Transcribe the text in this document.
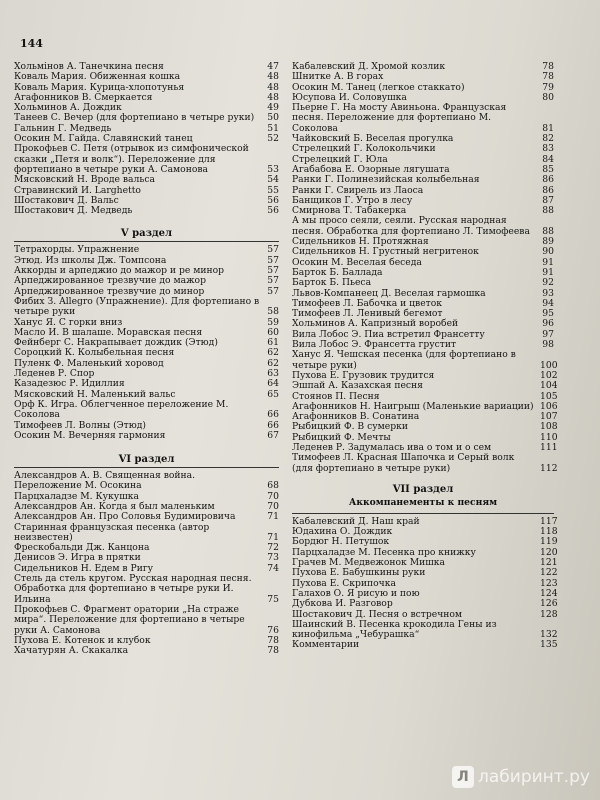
144
Хольмінов А. Танечкина песня	47
Коваль Мария. Обиженная кошка	48
Коваль Мария. Курица-хлопотунья	48
Агафонников В. Смеркается	48
Хольминов А. Дождик	49
Танеев С. Вечер (для фортепиано в четыре руки)	50
Гальнин Г. Медведь	51
Осокин М. Гайда. Славянский танец	52
Прокофьев С. Петя (отрывок из симфонической сказки „Петя и волк“). Переложение для фортепиано в четыре руки А. Самонова	53
Мясковский Н. Вроде вальса	54
Стравинский И. Larghetto	55
Шостакович Д. Вальс	56
Шостакович Д. Медведь	56
V раздел
Тетрахорды. Упражнение	57
Этюд. Из школы Дж. Томпсона	57
Аккорды и арпеджио до мажор и ре минор	57
Арпеджированное трезвучие до мажор	57
Арпеджированное трезвучие до минор	57
Фибих З. Allegro (Упражнение). Для фортепиано в четыре руки	58
Хануc Я. С горки вниз	59
Масло И. В шалаше. Моравская песня	60
Фейнберг С. Накрапывает дождик (Этюд)	61
Сороцкий К. Колыбельная песня	62
Пуленк Ф. Маленький хоровод	62
Леденев Р. Спор	63
Казадезюс Р. Идиллия	64
Мясковский Н. Маленький вальс	65
Орф К. Игра. Облегченное переложение М. Соколова	66
Тимофеев Л. Волны (Этюд)	66
Осокин М. Вечерняя гармония	67
VI раздел
Александров А. В. Священная война. Переложение М. Осокина	68
Парцхаладзе М. Кукушка	70
Александров Ан. Когда я был маленьким	70
Александров Ан. Про Соловья Будимировича	71
Старинная французская песенка (автор неизвестен)	71
Фрескобальди Дж. Канцона	72
Денисов Э. Игра в прятки	73
Сидельников Н. Едем в Ригу	74
Стель да стель кругом. Русская народная песня. Обработка для фортепиано в четыре руки И. Ильина	75
Прокофьев С. Фрагмент оратории „На страже мира“. Переложение для фортепиано в четыре руки А. Самонова	76
Пухова Е. Котенок и клубок	78
Хачатурян А. Скакалка	78
Кабалевский Д. Хромой козлик	78
Шнитке А. В горах	78
Осокин М. Танец (легкое стаккато)	79
Юсупова И. Соловушка	80
Пьерне Г. На мосту Авиньона. Французская песня. Переложение для фортепиано М. Соколова	81
Чайковский Б. Веселая прогулка	82
Стрелецкий Г. Колокольчики	83
Стрелецкий Г. Юла	84
Агабабова Е. Озорные лягушата	85
Ранки Г. Полинезийская колыбельная	86
Ранки Г. Свирель из Лаоса	86
Банщиков Г. Утро в лесу	87
Смирнова Т. Табакерка	88
А мы просо сеяли, сеяли. Русская народная песня. Обработка для фортепиано Л. Тимофеева	88
Сидельников Н. Протяжная	89
Сидельников Н. Грустный негритенок	90
Осокин М. Веселая беседа	91
Барток Б. Баллада	91
Барток Б. Пьеса	92
Львов-Компанеец Д. Веселая гармошка	93
Тимофеев Л. Бабочка и цветок	94
Тимофеев Л. Ленивый бегемот	95
Хольминов А. Капризный воробей	96
Вила Лобос Э. Пиа встретил Франсетту	97
Вила Лобос Э. Франсетта грустит	98
Хануc Я. Чешская песенка (для фортепиано в четыре руки)	100
Пухова Е. Грузовик трудится	102
Эшпай А. Казахская песня	104
Стоянов П. Песня	105
Агафонников Н. Наигрыш (Маленькие вариации) 106
Агафонников В. Сонатина	107
Рыбицкий Ф. В сумерки	108
Рыбицкий Ф. Мечты	110
Леденев Р. Задумалась ива о том и о сем	111
Тимофеев Л. Красная Шапочка и Серый волк (для фортепиано в четыре руки)	112
VII раздел
Аккомпанементы к песням
Кабалевский Д. Наш край	117
Юдахина О. Дождик	118
Бордюг Н. Петушок	119
Парцхаладзе М. Песенка про книжку	120
Грачев М. Медвежонок Мишка	121
Пухова Е. Бабушкины руки	122
Пухова Е. Скрипочка	123
Галахов О. Я рисую и пою	124
Дубкова И. Разговор	126
Шостакович Д. Песня о встречном	128
Шаинский В. Песенка крокодила Гены из кинофильма „Чебурашка“	132
Комментарии	135
Л лабиринт.ру
